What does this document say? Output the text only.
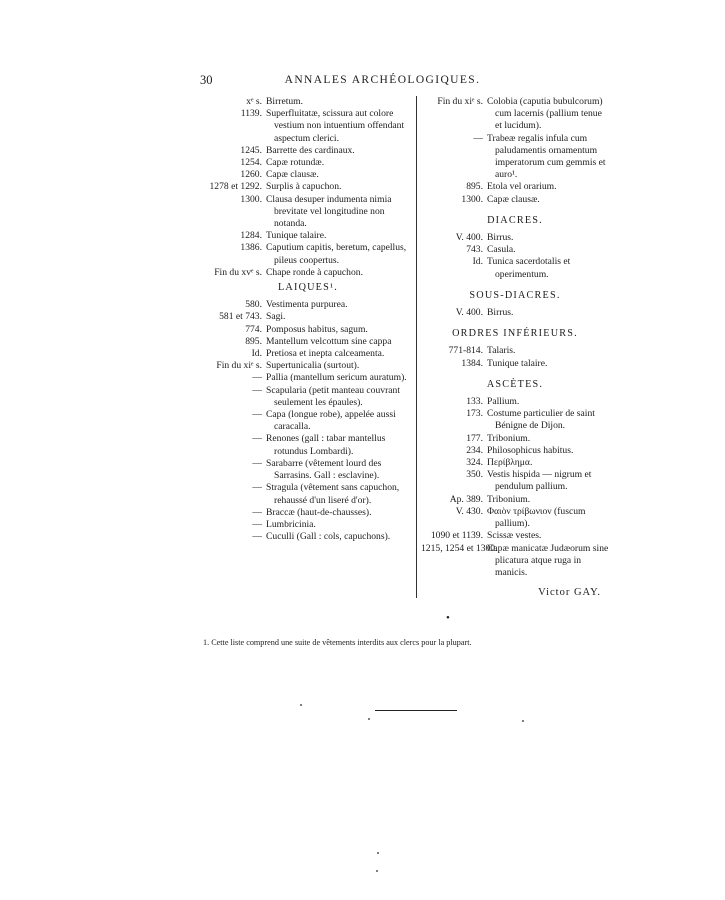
30	ANNALES ARCHÉOLOGIQUES.
xᵉ s. Birretum.
1139. Superfluitatæ, scissura aut colore vestium non intuentium offendant aspectum clerici.
1245. Barrette des cardinaux.
1254. Capæ rotundæ.
1260. Capæ clausæ.
1278 et 1292. Surplis à capuchon.
1300. Clausa desuper indumenta nimia brevitate vel longitudine non notanda.
1284. Tunique talaire.
1386. Caputium capitis, beretum, capellus, pileus coopertus.
Fin du xvᵉ s. Chape ronde à capuchon.
LAIQUES¹.
580. Vestimenta purpurea.
581 et 743. Sagi.
774. Pomposus habitus, sagum.
895. Mantellum velcottum sine cappa
Id. Pretiosa et inepta calceamenta.
Fin du xiᵉ s. Supertunicalia (surtout).
— Pallia (mantellum sericum auratum).
— Scapularia (petit manteau couvrant seulement les épaules).
— Capa (longue robe), appelée aussi caracalla.
— Renones (gall : tabar mantellus rotundus Lombardi).
— Sarabarre (vêtement lourd des Sarrasins. Gall : esclavine).
— Stragula (vêtement sans capuchon, rehaussé d'un liseré d'or).
— Braccæ (haut-de-chausses).
— Lumbricinia.
— Cuculli (Gall : cols, capuchons).
Fin du xiᵉ s. Colobia (caputia bubulcorum) cum lacernis (pallium tenue et lucidum).
— Trabeæ regalis infula cum paludamentis ornamentum imperatorum cum gemmis et auro¹.
895. Etola vel orarium.
1300. Capæ clausæ.
DIACRES.
V. 400. Birrus.
743. Casula.
Id. Tunica sacerdotalis et operimentum.
SOUS-DIACRES.
V. 400. Birrus.
ORDRES INFÉRIEURS.
771-814. Talaris.
1384. Tunique talaire.
ASCÈTES.
133. Pallium.
173. Costume particulier de saint Bénigne de Dijon.
177. Tribonium.
234. Philosophicus habitus.
324. Περίβλημα.
350. Vestis hispida — nigrum et pendulum pallium.
Ap. 389. Tribonium.
V. 430. Φαιὸν τρίβωνιον (fuscum pallium).
1090 et 1139. Scissæ vestes.
1215, 1254 et 1300.
Capæ manicatæ Judæorum sine plicatura atque ruga in manicis.
Victor GAY.
•
1. Cette liste comprend une suite de vêtements interdits aux clercs pour la plupart.
